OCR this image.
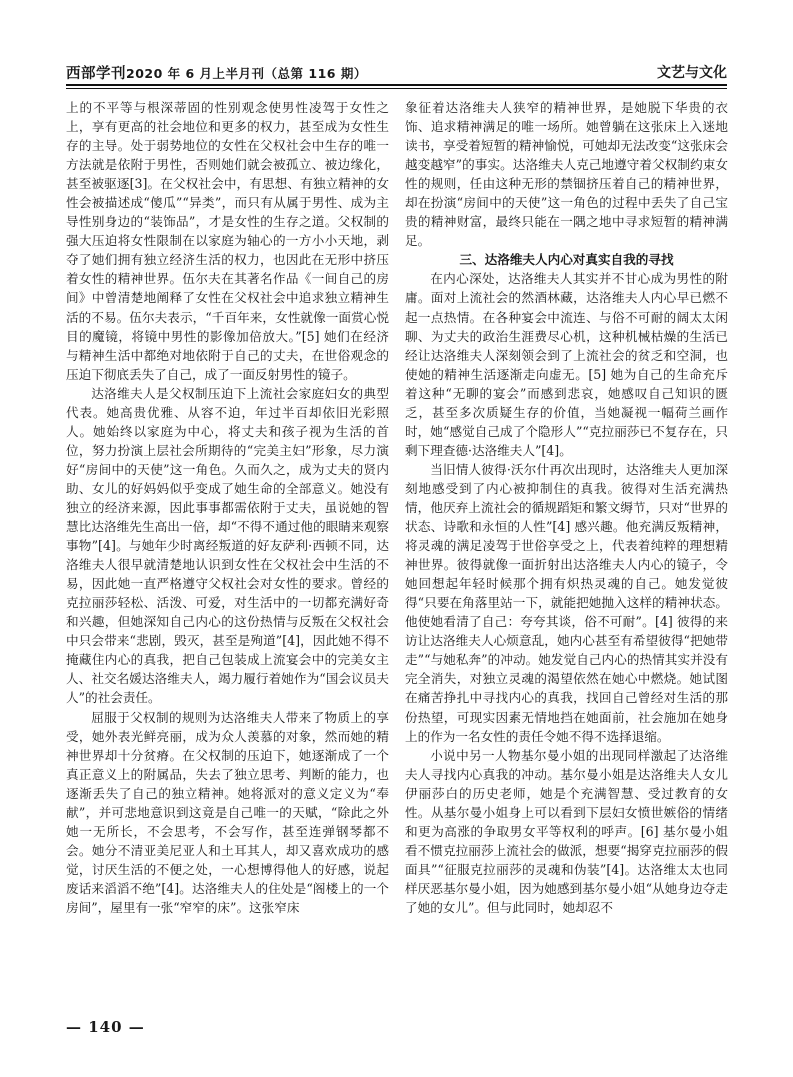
西部学刊2020 年 6 月上半月刊（总第 116 期）	文艺与文化

上的不平等与根深蒂固的性别观念使男性凌驾于女性之上，享有更高的社会地位和更多的权力，甚至成为女性生存的主导。处于弱势地位的女性在父权社会中生存的唯一方法就是依附于男性，否则她们就会被孤立、被边缘化，甚至被驱逐[3]。在父权社会中，有思想、有独立精神的女性会被描述成“傻瓜”“异类”，而只有从属于男性、成为主导性别身边的“装饰品”，才是女性的生存之道。父权制的强大压迫将女性限制在以家庭为轴心的一方小小天地，剥夺了她们拥有独立经济生活的权力，也因此在无形中挤压着女性的精神世界。伍尔夫在其著名作品《一间自己的房间》中曾清楚地阐释了女性在父权社会中追求独立精神生活的不易。伍尔夫表示，“千百年来，女性就像一面赏心悦目的魔镜，将镜中男性的影像加倍放大。”[5] 她们在经济与精神生活中都绝对地依附于自己的丈夫，在世俗观念的压迫下彻底丢失了自己，成了一面反射男性的镜子。

达洛维夫人是父权制压迫下上流社会家庭妇女的典型代表。她高贵优雅、从容不迫，年过半百却依旧光彩照人。她始终以家庭为中心，将丈夫和孩子视为生活的首位，努力扮演上层社会所期待的“完美主妇”形象，尽力演好“房间中的天使”这一角色。久而久之，成为丈夫的贤内助、女儿的好妈妈似乎变成了她生命的全部意义。她没有独立的经济来源，因此事事都需依附于丈夫，虽说她的智慧比达洛维先生高出一倍，却“不得不通过他的眼睛来观察事物”[4]。与她年少时离经叛道的好友萨利·西顿不同，达洛维夫人很早就清楚地认识到女性在父权社会中生活的不易，因此她一直严格遵守父权社会对女性的要求。曾经的克拉丽莎轻松、活泼、可爱，对生活中的一切都充满好奇和兴趣，但她深知自己内心的这份热情与反叛在父权社会中只会带来“悲剧，毁灭，甚至是殉道”[4]，因此她不得不掩藏住内心的真我，把自己包装成上流宴会中的完美女主人、社交名媛达洛维夫人，竭力履行着她作为“国会议员夫人”的社会责任。

屈服于父权制的规则为达洛维夫人带来了物质上的享受，她外表光鲜亮丽，成为众人羡慕的对象，然而她的精神世界却十分贫瘠。在父权制的压迫下，她逐渐成了一个真正意义上的附属品，失去了独立思考、判断的能力，也逐渐丢失了自己的独立精神。她将派对的意义定义为“奉献”，并可悲地意识到这竟是自己唯一的天赋，“除此之外她一无所长，不会思考，不会写作，甚至连弹钢琴都不会。她分不清亚美尼亚人和土耳其人，却又喜欢成功的感觉，讨厌生活的不便之处，一心想博得他人的好感，说起废话来滔滔不绝”[4]。达洛维夫人的住处是“阁楼上的一个房间”，屋里有一张“窄窄的床”。这张窄床

象征着达洛维夫人狭窄的精神世界，是她脱下华贵的衣饰、追求精神满足的唯一场所。她曾躺在这张床上入迷地读书，享受着短暂的精神愉悦，可她却无法改变“这张床会越变越窄”的事实。达洛维夫人克己地遵守着父权制约束女性的规则，任由这种无形的禁锢挤压着自己的精神世界，却在扮演“房间中的天使”这一角色的过程中丢失了自己宝贵的精神财富，最终只能在一隅之地中寻求短暂的精神满足。

三、达洛维夫人内心对真实自我的寻找

在内心深处，达洛维夫人其实并不甘心成为男性的附庸。面对上流社会的然酒林藏，达洛维夫人内心早已燃不起一点热情。在各种宴会中流连、与俗不可耐的阔太太闲聊、为丈夫的政治生涯费尽心机，这种机械枯燥的生活已经让达洛维夫人深刻领会到了上流社会的贫乏和空洞，也使她的精神生活逐渐走向虚无。[5] 她为自己的生命充斥着这种“无聊的宴会”而感到悲哀，她感叹自己知识的匮乏，甚至多次质疑生存的价值，当她凝视一幅荷兰画作时，她“感觉自己成了个隐形人”“克拉丽莎已不复存在，只剩下理查德·达洛维夫人”[4]。

当旧情人彼得·沃尔什再次出现时，达洛维夫人更加深刻地感受到了内心被抑制住的真我。彼得对生活充满热情，他厌弃上流社会的循规蹈矩和繁文缛节，只对“世界的状态、诗歌和永恒的人性”[4] 感兴趣。他充满反叛精神，将灵魂的满足凌驾于世俗享受之上，代表着纯粹的理想精神世界。彼得就像一面折射出达洛维夫人内心的镜子，令她回想起年轻时候那个拥有炽热灵魂的自己。她发觉彼得“只要在角落里站一下，就能把她抛入这样的精神状态。他使她看清了自己：夸夸其谈，俗不可耐”。[4] 彼得的来访让达洛维夫人心烦意乱，她内心甚至有希望彼得“把她带走”“与她私奔”的冲动。她发觉自己内心的热情其实并没有完全消失，对独立灵魂的渴望依然在她心中燃烧。她试图在痛苦挣扎中寻找内心的真我，找回自己曾经对生活的那份热望，可现实因素无情地挡在她面前，社会施加在她身上的作为一名女性的责任令她不得不选择退缩。

小说中另一人物基尔曼小姐的出现同样激起了达洛维夫人寻找内心真我的冲动。基尔曼小姐是达洛维夫人女儿伊丽莎白的历史老师，她是个充满智慧、受过教育的女性。从基尔曼小姐身上可以看到下层妇女愤世嫉俗的情绪和更为高涨的争取男女平等权利的呼声。[6] 基尔曼小姐看不惯克拉丽莎上流社会的做派，想要“揭穿克拉丽莎的假面具”“征服克拉丽莎的灵魂和伪装”[4]。达洛维太太也同样厌恶基尔曼小姐，因为她感到基尔曼小姐“从她身边夺走了她的女儿”。但与此同时，她却忍不

— 140 —
